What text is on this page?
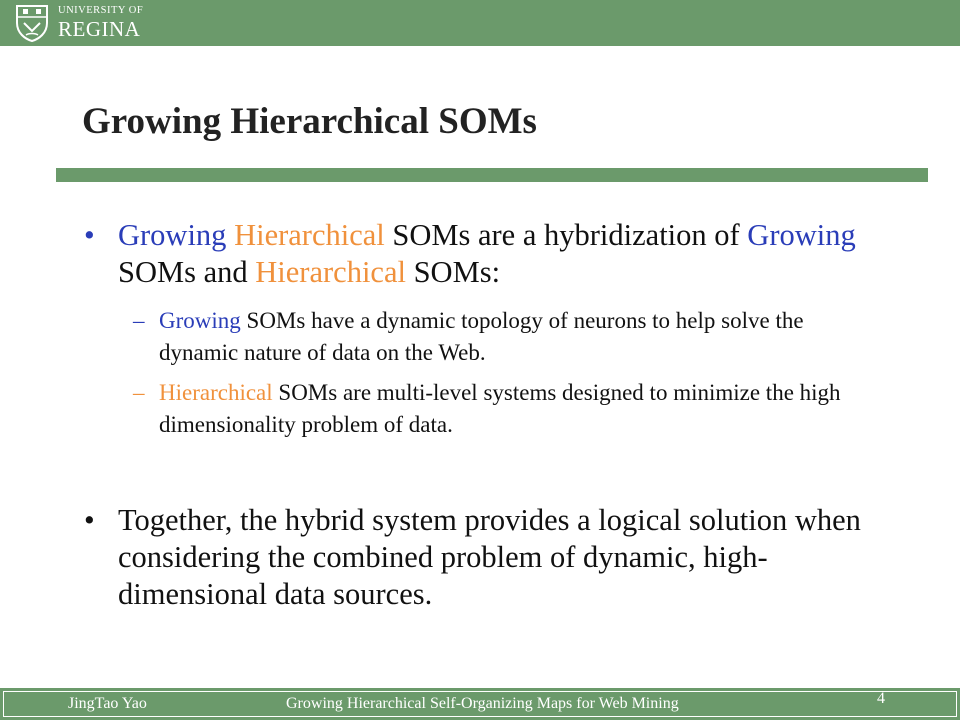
UNIVERSITY OF
REGINA
Growing Hierarchical SOMs
• Growing Hierarchical SOMs are a hybridization of Growing SOMs and Hierarchical SOMs:
– Growing SOMs have a dynamic topology of neurons to help solve the dynamic nature of data on the Web.
– Hierarchical SOMs are multi-level systems designed to minimize the high dimensionality problem of data.
• Together, the hybrid system provides a logical solution when considering the combined problem of dynamic, high-dimensional data sources.
JingTao Yao	Growing Hierarchical Self-Organizing Maps for Web Mining	4
